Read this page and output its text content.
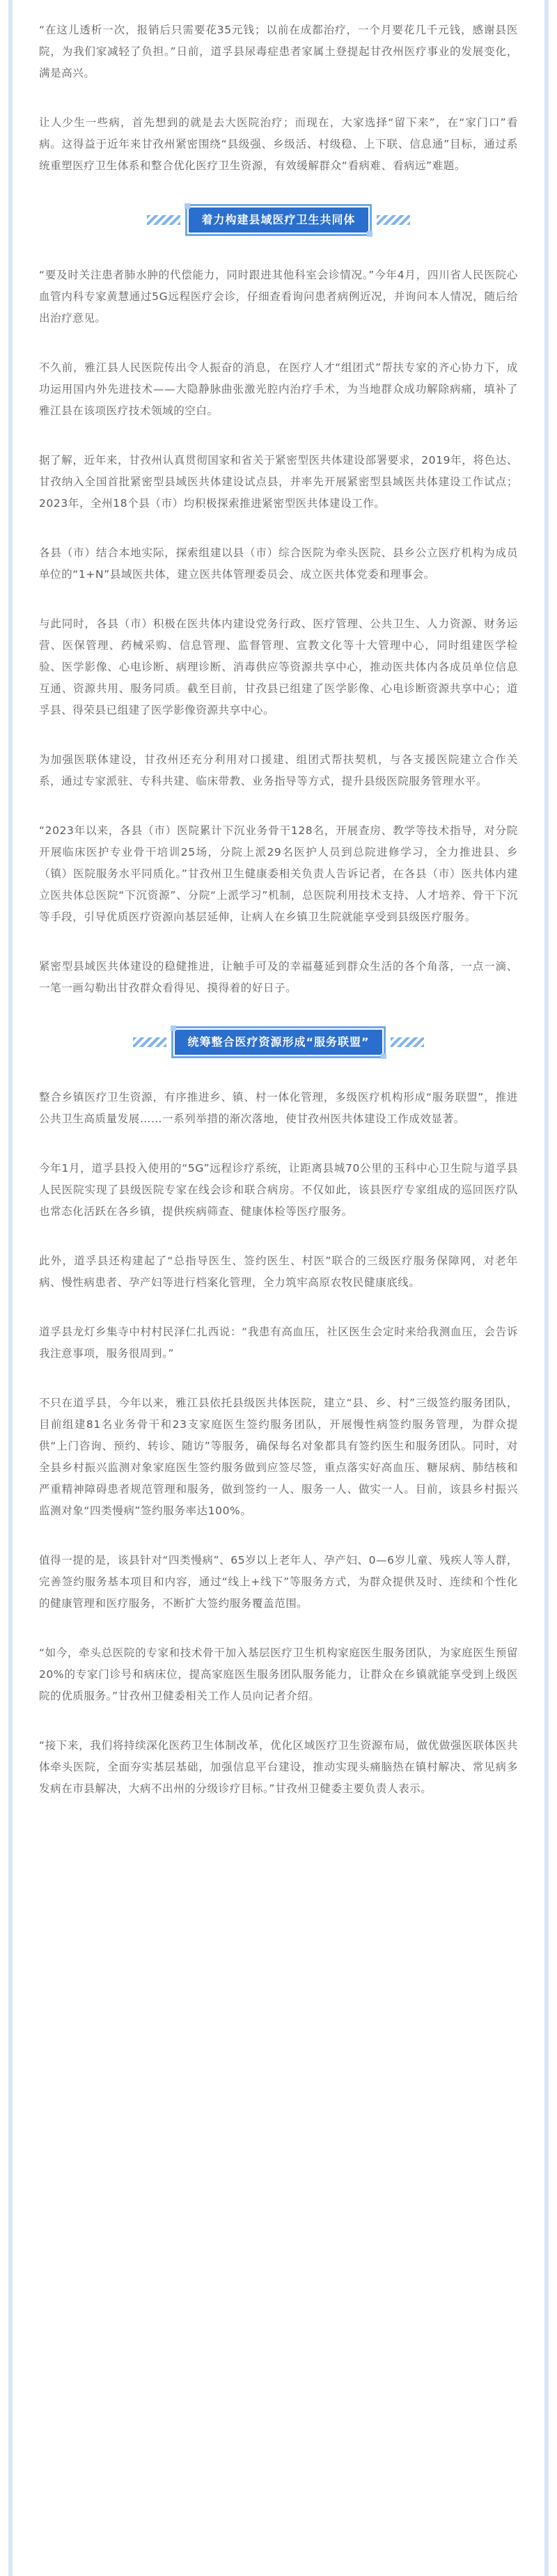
“在这儿透析一次，报销后只需要花35元钱；以前在成都治疗，一个月要花几千元钱，感谢县医院，为我们家减轻了负担。”日前，道孚县尿毒症患者家属土登提起甘孜州医疗事业的发展变化，满是高兴。

让人少生一些病，首先想到的就是去大医院治疗；而现在，大家选择“留下来”，在“家门口”看病。这得益于近年来甘孜州紧密围绕“县级强、乡级活、村级稳、上下联、信息通”目标，通过系统重塑医疗卫生体系和整合优化医疗卫生资源，有效缓解群众“看病难、看病远”难题。

着力构建县域医疗卫生共同体

“要及时关注患者肺水肿的代偿能力，同时跟进其他科室会诊情况。”今年4月，四川省人民医院心血管内科专家黄慧通过5G远程医疗会诊，仔细查看询问患者病例近况，并询问本人情况，随后给出治疗意见。

不久前，雅江县人民医院传出令人振奋的消息，在医疗人才“组团式”帮扶专家的齐心协力下，成功运用国内外先进技术——大隐静脉曲张激光腔内治疗手术，为当地群众成功解除病痛，填补了雅江县在该项医疗技术领域的空白。

据了解，近年来，甘孜州认真贯彻国家和省关于紧密型医共体建设部署要求，2019年，将色达、甘孜纳入全国首批紧密型县域医共体建设试点县，并率先开展紧密型县域医共体建设工作试点；2023年，全州18个县（市）均积极探索推进紧密型医共体建设工作。

各县（市）结合本地实际，探索组建以县（市）综合医院为牵头医院、县乡公立医疗机构为成员单位的“1+N”县域医共体，建立医共体管理委员会、成立医共体党委和理事会。

与此同时，各县（市）积极在医共体内建设党务行政、医疗管理、公共卫生、人力资源、财务运营、医保管理、药械采购、信息管理、监督管理、宣教文化等十大管理中心，同时组建医学检验、医学影像、心电诊断、病理诊断、消毒供应等资源共享中心，推动医共体内各成员单位信息互通、资源共用、服务同质。截至目前，甘孜县已组建了医学影像、心电诊断资源共享中心；道孚县、得荣县已组建了医学影像资源共享中心。

为加强医联体建设，甘孜州还充分利用对口援建、组团式帮扶契机，与各支援医院建立合作关系，通过专家派驻、专科共建、临床带教、业务指导等方式，提升县级医院服务管理水平。

“2023年以来，各县（市）医院累计下沉业务骨干128名，开展查房、教学等技术指导，对分院开展临床医护专业骨干培训25场，分院上派29名医护人员到总院进修学习，全力推进县、乡（镇）医院服务水平同质化。”甘孜州卫生健康委相关负责人告诉记者，在各县（市）医共体内建立医共体总医院“下沉资源”、分院“上派学习”机制，总医院利用技术支持、人才培养、骨干下沉等手段，引导优质医疗资源向基层延伸，让病人在乡镇卫生院就能享受到县级医疗服务。

紧密型县域医共体建设的稳健推进，让触手可及的幸福蔓延到群众生活的各个角落，一点一滴、一笔一画勾勒出甘孜群众看得见、摸得着的好日子。

统筹整合医疗资源形成“服务联盟”

整合乡镇医疗卫生资源，有序推进乡、镇、村一体化管理，多级医疗机构形成“服务联盟”，推进公共卫生高质量发展……一系列举措的渐次落地，使甘孜州医共体建设工作成效显著。

今年1月，道孚县投入使用的“5G”远程诊疗系统，让距离县城70公里的玉科中心卫生院与道孚县人民医院实现了县级医院专家在线会诊和联合病房。不仅如此，该县医疗专家组成的巡回医疗队也常态化活跃在各乡镇，提供疾病筛查、健康体检等医疗服务。

此外，道孚县还构建起了“总指导医生、签约医生、村医”联合的三级医疗服务保障网，对老年病、慢性病患者、孕产妇等进行档案化管理，全力筑牢高原农牧民健康底线。

道孚县龙灯乡集寺中村村民泽仁扎西说：“我患有高血压，社区医生会定时来给我测血压，会告诉我注意事项，服务很周到。”

不只在道孚县，今年以来，雅江县依托县级医共体医院，建立“县、乡、村”三级签约服务团队，目前组建81名业务骨干和23支家庭医生签约服务团队，开展慢性病签约服务管理，为群众提供“上门咨询、预约、转诊、随访”等服务，确保每名对象都具有签约医生和服务团队。同时，对全县乡村振兴监测对象家庭医生签约服务做到应签尽签，重点落实好高血压、糖尿病、肺结核和严重精神障碍患者规范管理和服务，做到签约一人、服务一人、做实一人。目前，该县乡村振兴监测对象“四类慢病”签约服务率达100%。

值得一提的是，该县针对“四类慢病”、65岁以上老年人、孕产妇、0—6岁儿童、残疾人等人群，完善签约服务基本项目和内容，通过“线上+线下”等服务方式，为群众提供及时、连续和个性化的健康管理和医疗服务，不断扩大签约服务覆盖范围。

“如今，牵头总医院的专家和技术骨干加入基层医疗卫生机构家庭医生服务团队，为家庭医生预留20%的专家门诊号和病床位，提高家庭医生服务团队服务能力，让群众在乡镇就能享受到上级医院的优质服务。”甘孜州卫健委相关工作人员向记者介绍。

“接下来，我们将持续深化医药卫生体制改革，优化区域医疗卫生资源布局，做优做强医联体医共体牵头医院，全面夯实基层基础，加强信息平台建设，推动实现头痛脑热在镇村解决、常见病多发病在市县解决，大病不出州的分级诊疗目标。”甘孜州卫健委主要负责人表示。
